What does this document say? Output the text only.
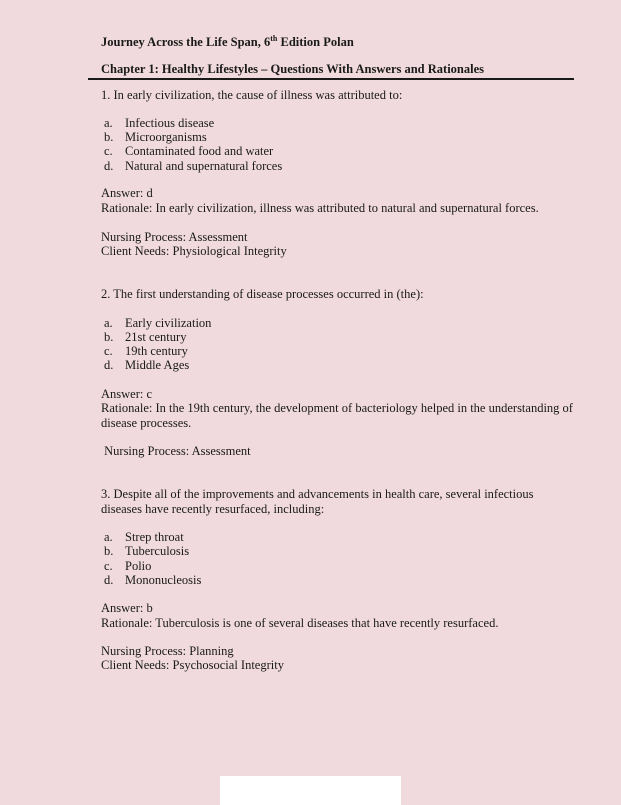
Journey Across the Life Span, 6th Edition Polan
Chapter 1: Healthy Lifestyles – Questions With Answers and Rationales
1. In early civilization, the cause of illness was attributed to:
a. Infectious disease
b. Microorganisms
c. Contaminated food and water
d. Natural and supernatural forces
Answer: d
Rationale: In early civilization, illness was attributed to natural and supernatural forces.
Nursing Process: Assessment
Client Needs: Physiological Integrity
2. The first understanding of disease processes occurred in (the):
a. Early civilization
b. 21st century
c. 19th century
d. Middle Ages
Answer: c
Rationale: In the 19th century, the development of bacteriology helped in the understanding of
disease processes.
Nursing Process: Assessment
3. Despite all of the improvements and advancements in health care, several infectious
diseases have recently resurfaced, including:
a. Strep throat
b. Tuberculosis
c. Polio
d. Mononucleosis
Answer: b
Rationale: Tuberculosis is one of several diseases that have recently resurfaced.
Nursing Process: Planning
Client Needs: Psychosocial Integrity
